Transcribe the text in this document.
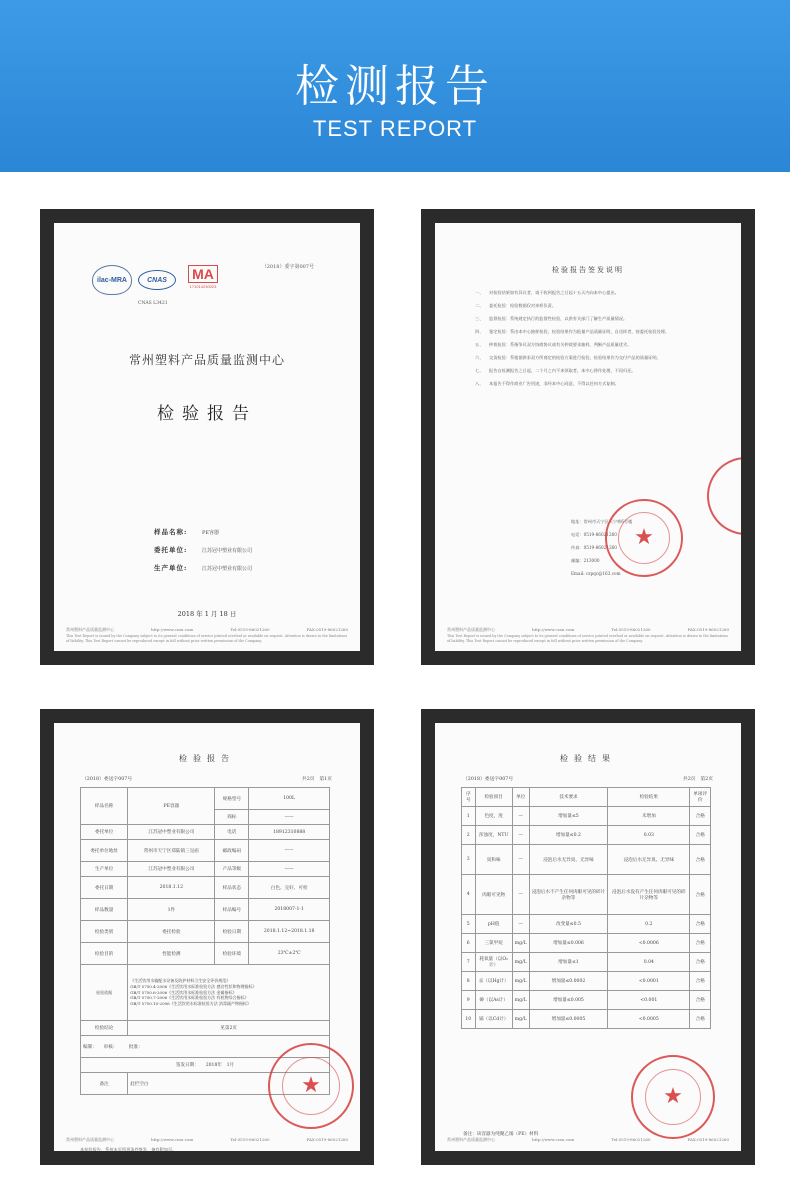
检测报告
TEST REPORT
ilac-MRA	CNAS MA
171014230023
（2018）委字第007号
CNAS L3421
常州塑料产品质量监测中心
检验报告
样品名称:	PE容器
委托单位:	江苏冠中塑业有限公司
生产单位:	江苏冠中塑业有限公司
2018 年 1 月 18 日
常州塑料产品质量监测中心	http://www.czsu.com	Tel:0519-86021260	FAX:0519-86021260
This Test Report is issued by the Company subject to its general conditions of service printed overleaf or available on request. Attention is drawn to the limitations of liability. This Test Report cannot be reproduced except in full without prior written permission of the Company.
检验报告签发说明
一、 对检验结果如有异议者，请于收到报告之日起十五天内向本中心提出。
二、 委托检验：检验数据仅对来样负责。
三、 监督检验：系统规定执行的监督性检验，以供有关部门了解生产质量情况。
四、 鉴定检验：系由本中心抽样检验，检验结果作为批量产品质量证明，自送样者，按委托检验处理。
五、 仲裁检验：系指争议双方协商协议或有关仲裁要求抽样，判断产品质量优劣。
六、 交货检验：系根据供求双方所商定的检验方案进行检验，检验结果作为交付产品的质量证明。
七、 报告自检测报告之日起，二个月之内不来领取者，本中心将作处理，不再归还。
八、 本报告不得作商业广告用途，非经本中心同意，不得以任何方式复制。
地址：常州市天宁区天宁桥6号楼
电话：0519-86021260
传真：0519-86021260
邮编：213000
Email: czpqc@163.com
★
常州塑料产品质量监测中心	http://www.czsu.com	Tel:0519-86021260	FAX:0519-86021260
This Test Report is issued by the Company subject to its general conditions of service printed overleaf or available on request. Attention is drawn to the limitations of liability. This Test Report cannot be reproduced except in full without prior written permission of the Company.
检验报告
（2018）委送字007号	共2页　第1页
样品名称	PE容器	规格型号	100L
		商标	——
委托单位	江苏冠中塑业有限公司	电话	18912310888
委托单位地址	常州市天宁区郑陆镇三皇庙	邮政编码	——
生产单位	江苏冠中塑业有限公司	产品等级	——
委托日期	2018.1.12	样品状态	白色、完好、可检
样品数量	1件	样品编号	2018007-1-1
检验类别	委托检验	检验日期	2018.1.12~2018.1.18
检验目的	性能检测	检验环境	23℃±2℃
检验依据	《生活饮用水输配水设备及防护材料卫生安全评价规范》
GB/T 5750.4-2006《生活饮用水标准检验方法 感官性状和物理指标》
GB/T 5750.6-2006《生活饮用水标准检验方法 金属指标》
GB/T 5750.7-2006《生活饮用水标准检验方法 有机物综合指标》
GB/T 5750.10-2006《生活饮用水标准检验方法 消毒副产物指标》		

检验结论	见第2页		
编制：　　审核：　　　批准：			
签发日期：　　2018年　1月			
备注	此栏空白		
本检验报告，系按末页所列条件签发，备有附加页。
★
常州塑料产品质量监测中心	http://www.czsu.com	Tel:0519-86021260	FAX:0519-86021260
检验结果
（2018）委送字007号	共2页　第2页
序号	检验项目	单位	技术要求	检验结果	单项评价
1	色度，度	—	增加量≤5	未增加	合格
2	浑浊度，NTU	—	增加量≤0.2	0.03	合格
3	臭和味	—	浸泡后水无异臭、无异味	浸泡后水无异臭、无异味	合格
4	肉眼可见物	—	浸泡后水不产生任何肉眼可见的碎片杂物等	浸泡后水没有产生任何肉眼可见的碎片杂物等	合格
5	pH值	—	改变量≤0.5	0.2	合格
6	三氯甲烷	mg/L	增加量≤0.006	<0.0006	合格
7	耗氧量（以O₂计）	mg/L	增加量≤1	0.04	合格
8	汞（以Hg计）	mg/L	增加量≤0.0002	<0.0001	合格
9	砷（以As计）	mg/L	增加量≤0.005	<0.001	合格
10	镉（以Cd计）	mg/L	增加量≤0.0005	<0.0005	合格
备注：该容器为纯聚乙烯（PE）材料
★
常州塑料产品质量监测中心	http://www.czsu.com	Tel:0519-86021260	FAX:0519-86021260
